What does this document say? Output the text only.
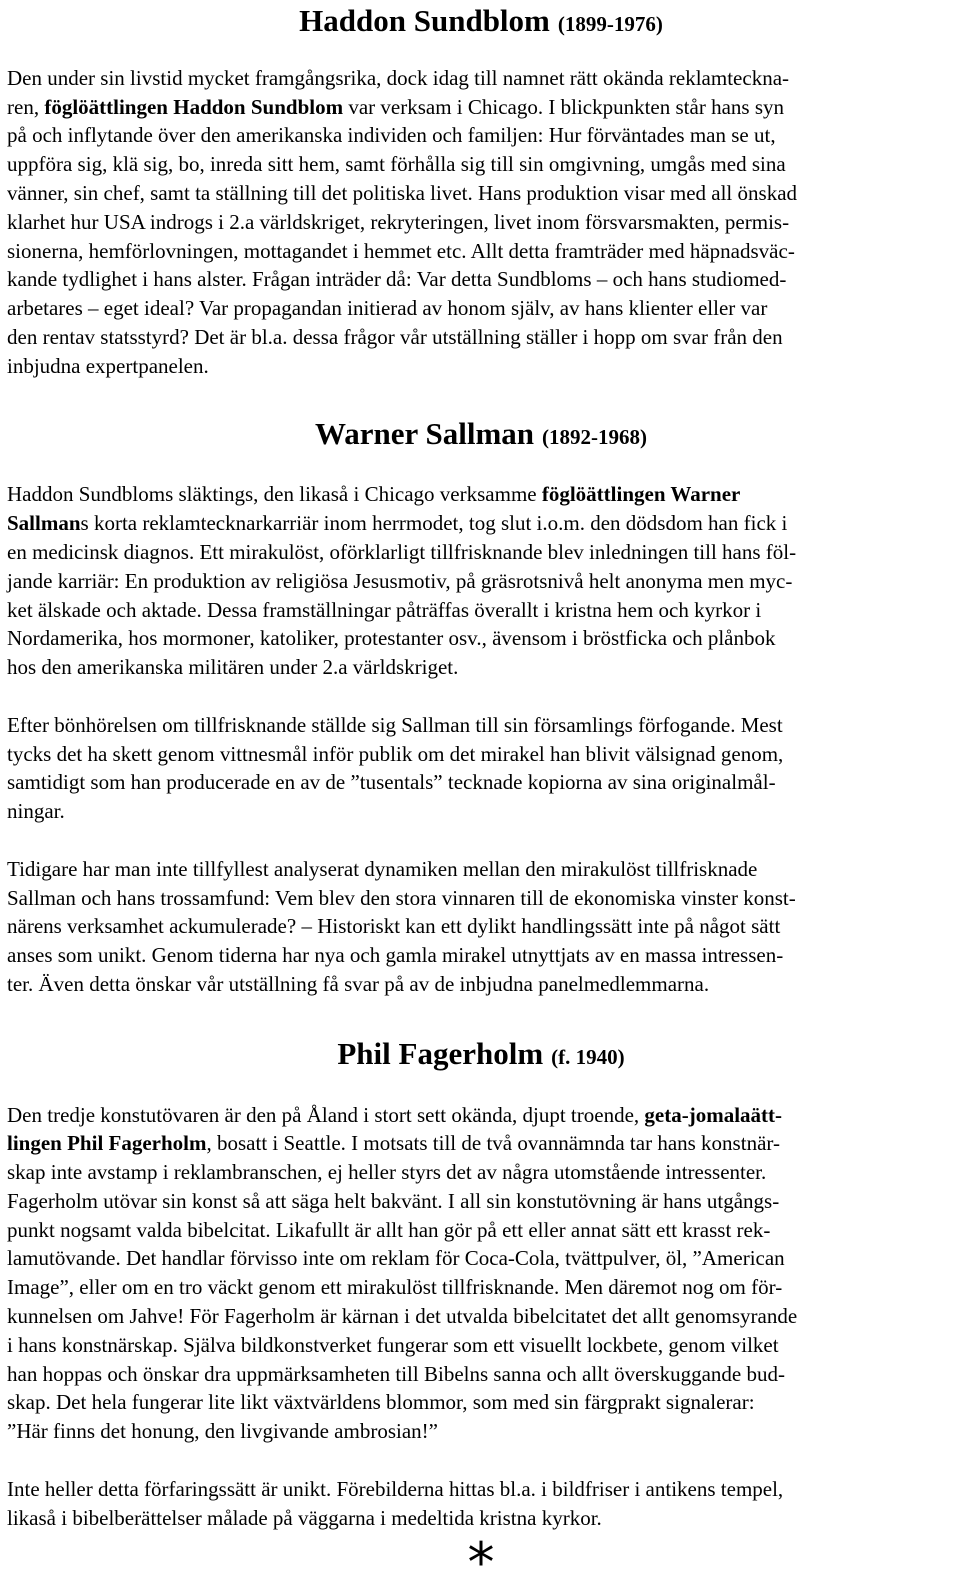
Haddon Sundblom (1899-1976)

Den under sin livstid mycket framgångsrika, dock idag till namnet rätt okända reklamteckna-
ren, föglöättlingen Haddon Sundblom var verksam i Chicago. I blickpunkten står hans syn
på och inflytande över den amerikanska individen och familjen: Hur förväntades man se ut,
uppföra sig, klä sig, bo, inreda sitt hem, samt förhålla sig till sin omgivning, umgås med sina
vänner, sin chef, samt ta ställning till det politiska livet. Hans produktion visar med all önskad
klarhet hur USA indrogs i 2.a världskriget, rekryteringen, livet inom försvarsmakten, permis-
sionerna, hemförlovningen, mottagandet i hemmet etc. Allt detta framträder med häpnadsväc-
kande tydlighet i hans alster. Frågan inträder då: Var detta Sundbloms – och hans studiomed-
arbetares – eget ideal? Var propagandan initierad av honom själv, av hans klienter eller var
den rentav statsstyrd? Det är bl.a. dessa frågor vår utställning ställer i hopp om svar från den
inbjudna expertpanelen.

Warner Sallman (1892-1968)

Haddon Sundbloms släktings, den likaså i Chicago verksamme föglöättlingen Warner
Sallmans korta reklamtecknarkarriär inom herrmodet, tog slut i.o.m. den dödsdom han fick i
en medicinsk diagnos. Ett mirakulöst, oförklarligt tillfrisknande blev inledningen till hans föl-
jande karriär: En produktion av religiösa Jesusmotiv, på gräsrotsnivå helt anonyma men myc-
ket älskade och aktade. Dessa framställningar påträffas överallt i kristna hem och kyrkor i
Nordamerika, hos mormoner, katoliker, protestanter osv., ävensom i bröstficka och plånbok
hos den amerikanska militären under 2.a världskriget.

Efter bönhörelsen om tillfrisknande ställde sig Sallman till sin församlings förfogande. Mest
tycks det ha skett genom vittnesmål inför publik om det mirakel han blivit välsignad genom,
samtidigt som han producerade en av de ”tusentals” tecknade kopiorna av sina originalmål-
ningar.

Tidigare har man inte tillfyllest analyserat dynamiken mellan den mirakulöst tillfrisknade
Sallman och hans trossamfund: Vem blev den stora vinnaren till de ekonomiska vinster konst-
närens verksamhet ackumulerade? – Historiskt kan ett dylikt handlingssätt inte på något sätt
anses som unikt. Genom tiderna har nya och gamla mirakel utnyttjats av en massa intressen-
ter. Även detta önskar vår utställning få svar på av de inbjudna panelmedlemmarna.

Phil Fagerholm (f. 1940)

Den tredje konstutövaren är den på Åland i stort sett okända, djupt troende, geta-jomalaätt-
lingen Phil Fagerholm, bosatt i Seattle. I motsats till de två ovannämnda tar hans konstnär-
skap inte avstamp i reklambranschen, ej heller styrs det av några utomstående intressenter.
Fagerholm utövar sin konst så att säga helt bakvänt. I all sin konstutövning är hans utgångs-
punkt nogsamt valda bibelcitat. Likafullt är allt han gör på ett eller annat sätt ett krasst rek-
lamutövande. Det handlar förvisso inte om reklam för Coca-Cola, tvättpulver, öl, ”American
Image”, eller om en tro väckt genom ett mirakulöst tillfrisknande. Men däremot nog om för-
kunnelsen om Jahve! För Fagerholm är kärnan i det utvalda bibelcitatet det allt genomsyrande
i hans konstnärskap. Själva bildkonstverket fungerar som ett visuellt lockbete, genom vilket
han hoppas och önskar dra uppmärksamheten till Bibelns sanna och allt överskuggande bud-
skap. Det hela fungerar lite likt växtvärldens blommor, som med sin färgprakt signalerar:
”Här finns det honung, den livgivande ambrosian!”

Inte heller detta förfaringssätt är unikt. Förebilderna hittas bl.a. i bildfriser i antikens tempel,
likaså i bibelberättelser målade på väggarna i medeltida kristna kyrkor.

*
